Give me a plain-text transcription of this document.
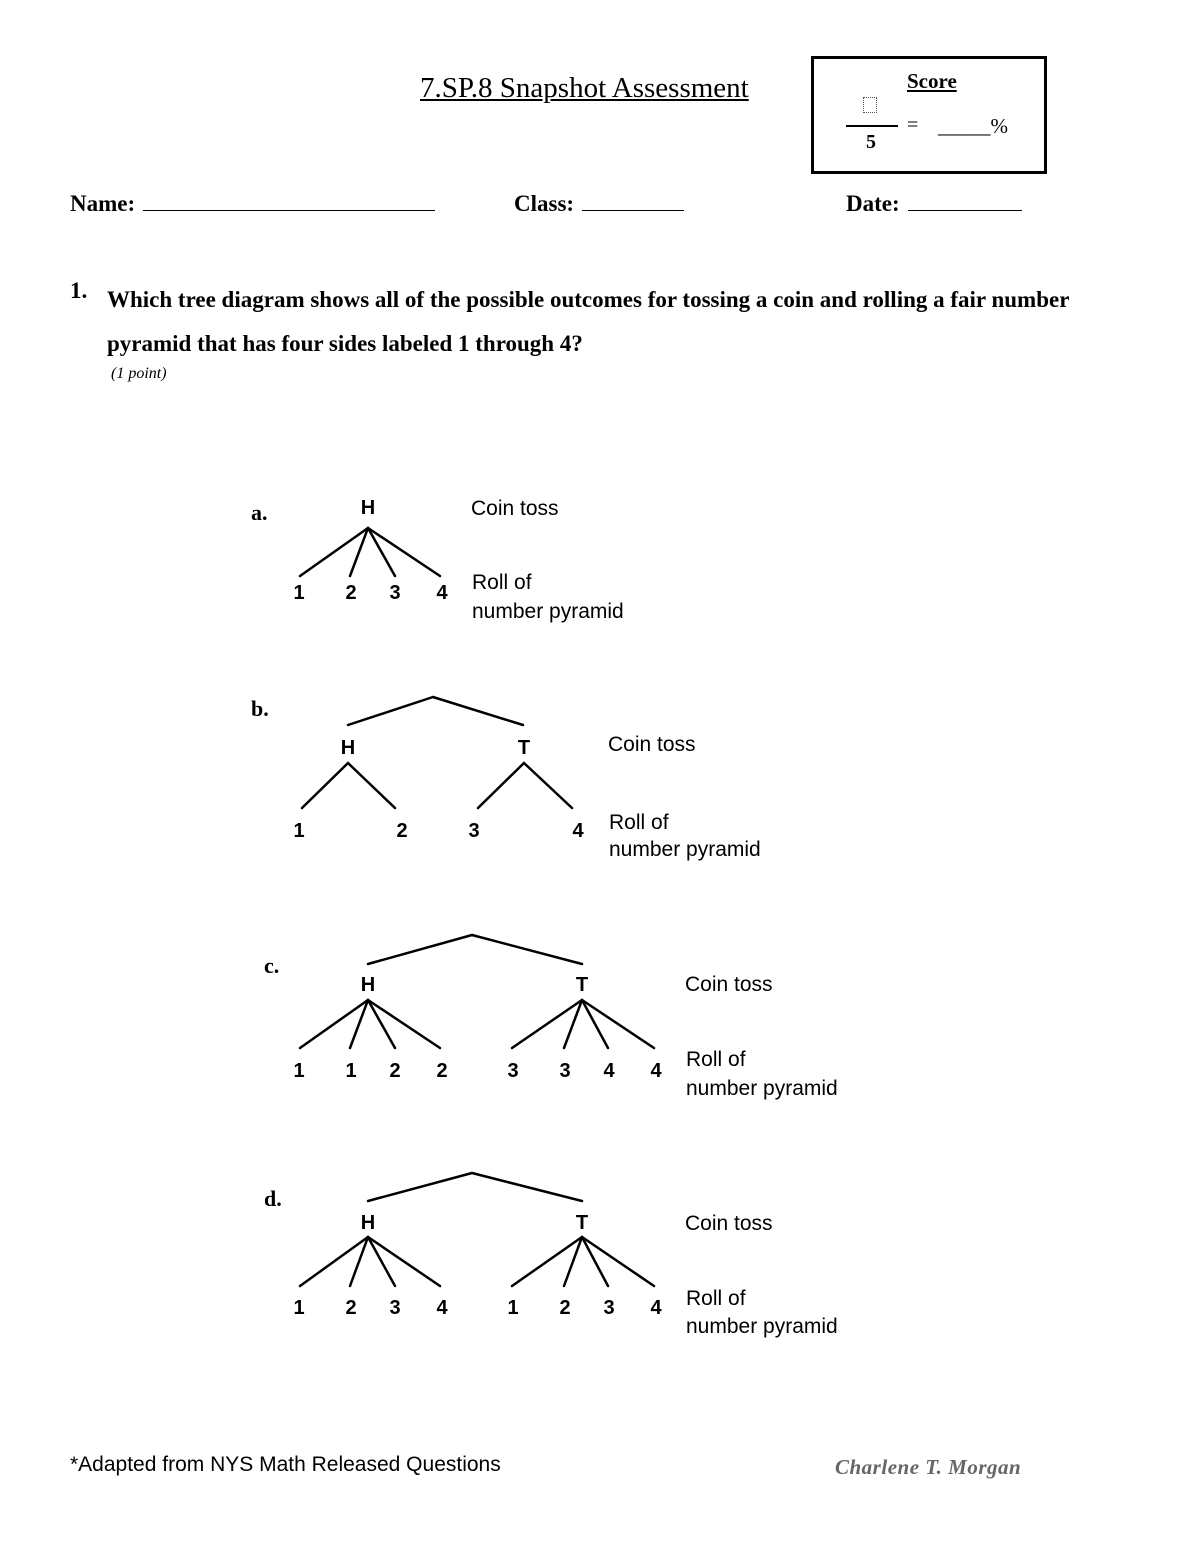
7.SP.8 Snapshot Assessment	Score
5
= _____%
Name:	Class:	Date:
1. Which tree diagram shows all of the possible outcomes for tossing a coin and rolling a fair number pyramid that has four sides labeled 1 through 4?
(1 point)
a.	H
1 2 3 4
Coin toss
Roll of
number pyramid
b.
H	T
1	2	3	4
Coin toss
Roll of
number pyramid
c.
H	T
1 1 2 2	3 3 4 4
Coin toss
Roll of
number pyramid
d.
H	T
1 2 3 4	1 2 3 4
Coin toss
Roll of
number pyramid
*Adapted from NYS Math Released Questions	Charlene T. Morgan
